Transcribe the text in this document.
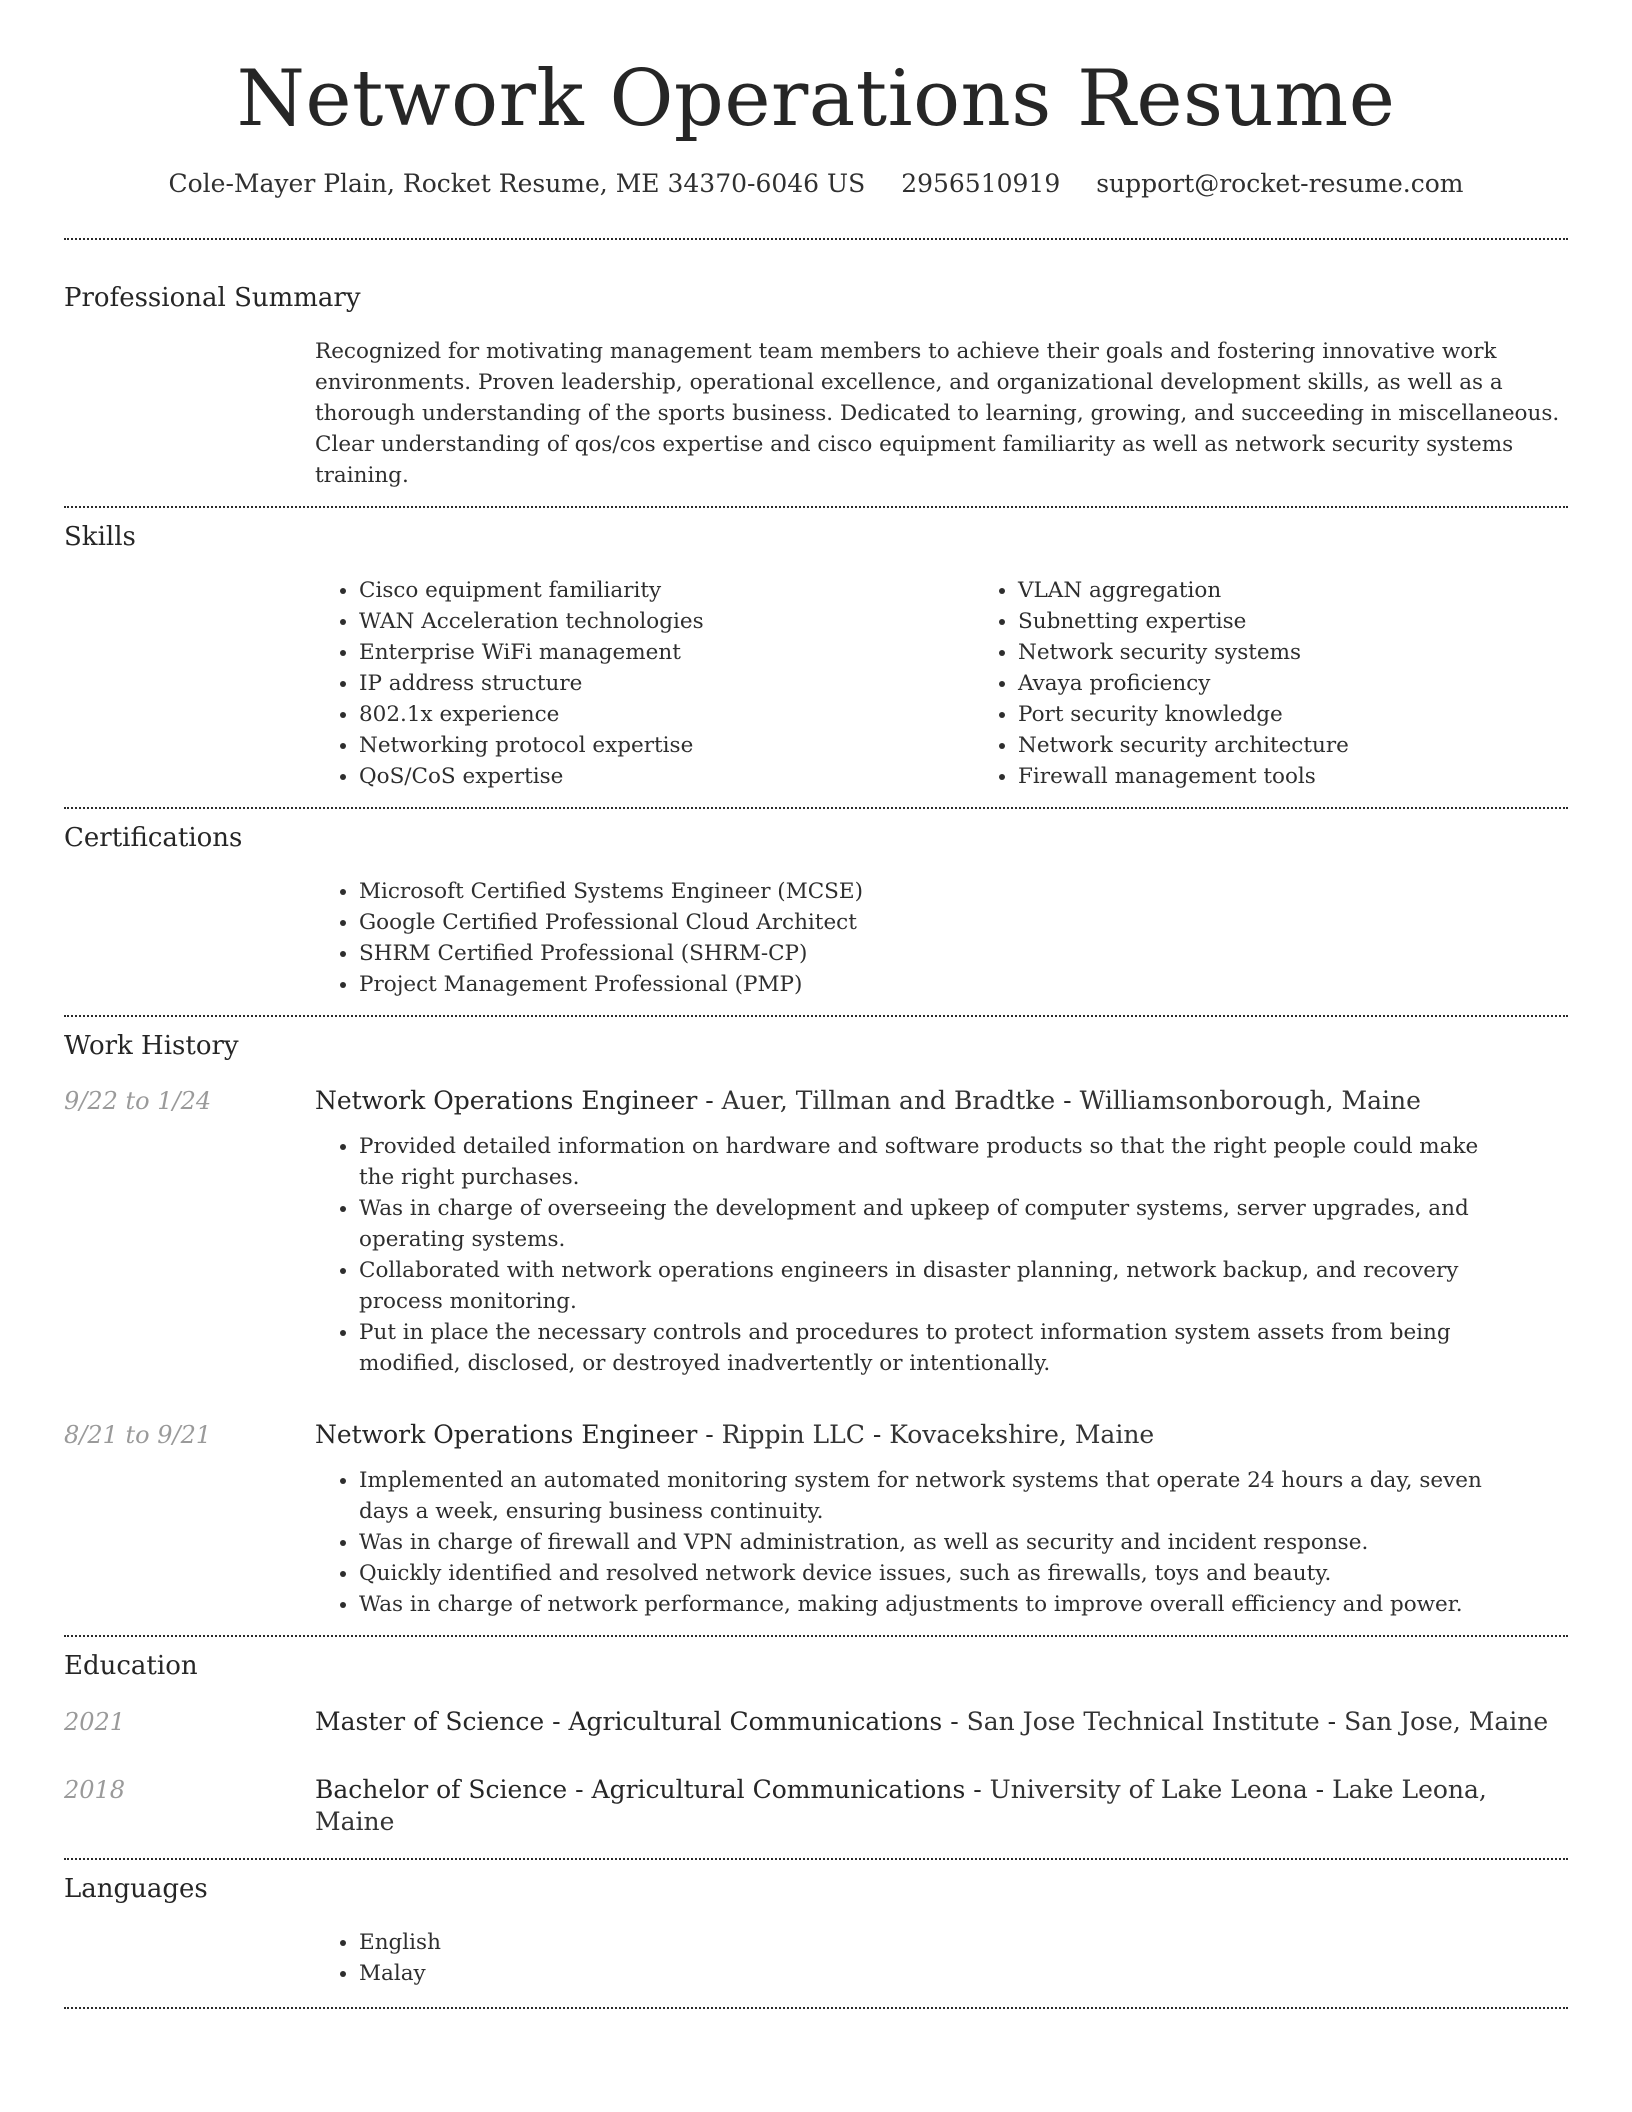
Network Operations Resume
Cole-Mayer Plain, Rocket Resume, ME 34370-6046 US 2956510919 support@rocket-resume.com
Professional Summary
Recognized for motivating management team members to achieve their goals and fostering innovative work environments. Proven leadership, operational excellence, and organizational development skills, as well as a thorough understanding of the sports business. Dedicated to learning, growing, and succeeding in miscellaneous. Clear understanding of qos/cos expertise and cisco equipment familiarity as well as network security systems training.
Skills
• Cisco equipment familiarity
• WAN Acceleration technologies
• Enterprise WiFi management
• IP address structure
• 802.1x experience
• Networking protocol expertise
• QoS/CoS expertise
• VLAN aggregation
• Subnetting expertise
• Network security systems
• Avaya proficiency
• Port security knowledge
• Network security architecture
• Firewall management tools
Certifications
• Microsoft Certified Systems Engineer (MCSE)
• Google Certified Professional Cloud Architect
• SHRM Certified Professional (SHRM-CP)
• Project Management Professional (PMP)
Work History
9/22 to 1/24	Network Operations Engineer - Auer, Tillman and Bradtke - Williamsonborough, Maine
• Provided detailed information on hardware and software products so that the right people could make the right purchases.
• Was in charge of overseeing the development and upkeep of computer systems, server upgrades, and operating systems.
• Collaborated with network operations engineers in disaster planning, network backup, and recovery process monitoring.
• Put in place the necessary controls and procedures to protect information system assets from being modified, disclosed, or destroyed inadvertently or intentionally.
8/21 to 9/21	Network Operations Engineer - Rippin LLC - Kovacekshire, Maine
• Implemented an automated monitoring system for network systems that operate 24 hours a day, seven days a week, ensuring business continuity.
• Was in charge of firewall and VPN administration, as well as security and incident response.
• Quickly identified and resolved network device issues, such as firewalls, toys and beauty.
• Was in charge of network performance, making adjustments to improve overall efficiency and power.
Education
2021	Master of Science - Agricultural Communications - San Jose Technical Institute - San Jose, Maine
2018	Bachelor of Science - Agricultural Communications - University of Lake Leona - Lake Leona, Maine
Languages
• English
• Malay
